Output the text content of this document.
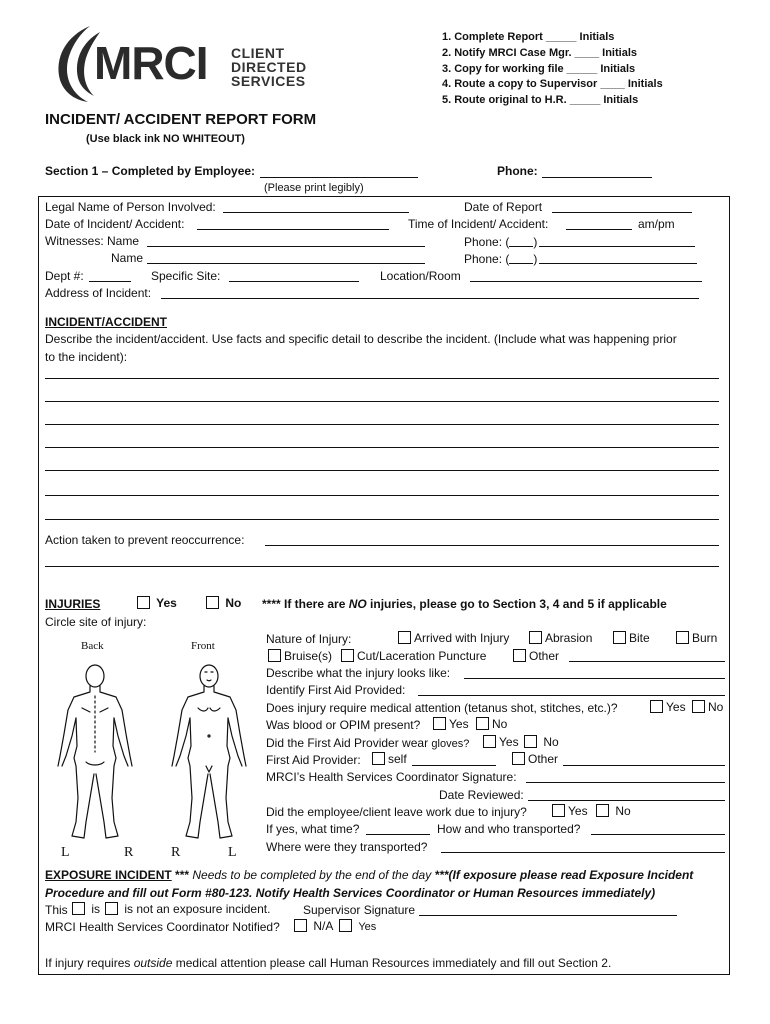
MRCI CLIENT
DIRECTED
SERVICES
1. Complete Report _____ Initials
2. Notify MRCI Case Mgr. ____ Initials
3. Copy for working file _____ Initials
4. Route a copy to Supervisor ____ Initials
5. Route original to H.R. _____ Initials
INCIDENT/ ACCIDENT REPORT FORM
(Use black ink NO WHITEOUT)
Section 1 – Completed by Employee:	Phone:
(Please print legibly)
Legal Name of Person Involved:	Date of Report
Date of Incident/ Accident:	Time of Incident/ Accident:	am/pm
Witnesses: Name	Phone: ( )
Name	Phone: ( )
Dept #:	Specific Site:	Location/Room
Address of Incident:
INCIDENT/ACCIDENT
Describe the incident/accident. Use facts and specific detail to describe the incident. (Include what was happening prior
to the incident):
Action taken to prevent reoccurrence:
INJURIES	Yes	No **** If there are NO injuries, please go to Section 3, 4 and 5 if applicable
Circle site of injury:
Back	Front
L	R	R	L
Nature of Injury:	Arrived with Injury	Abrasion	Bite	Burn
Bruise(s)	Cut/Laceration Puncture	Other
Describe what the injury looks like:
Identify First Aid Provided:
Does injury require medical attention (tetanus shot, stitches, etc.)?	Yes	No
Was blood or OPIM present?	Yes	No
Did the First Aid Provider wear gloves?	Yes	No
First Aid Provider:	self	Other
MRCI’s Health Services Coordinator Signature:
Date Reviewed:
Did the employee/client leave work due to injury?	Yes	No
If yes, what time?	How and who transported?
Where were they transported?
EXPOSURE INCIDENT *** Needs to be completed by the end of the day ***(If exposure please read Exposure Incident
Procedure and fill out Form #80-123. Notify Health Services Coordinator or Human Resources immediately)
This	is	is not an exposure incident.	Supervisor Signature
MRCI Health Services Coordinator Notified?	N/A	Yes
If injury requires outside medical attention please call Human Resources immediately and fill out Section 2.
